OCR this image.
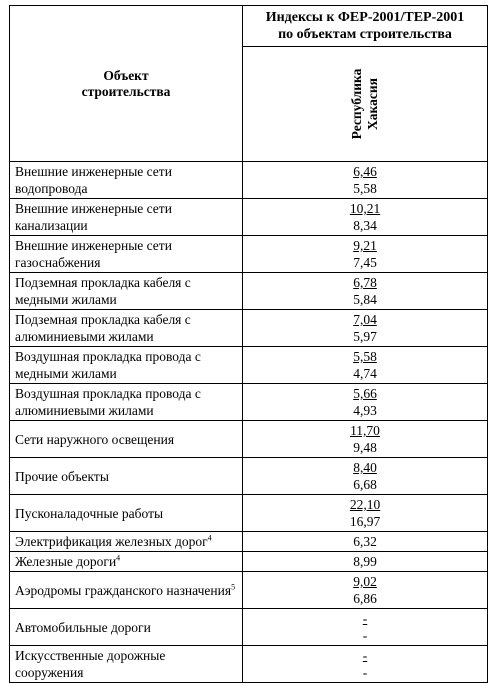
Объект
строительства	Индексы к ФЕР-2001/ТЕР-2001
по объектам строительства

	Республика
Хакасия

Внешние инженерные сети водопровода	6,46
5,58

Внешние инженерные сети канализации	10,21
8,34

Внешние инженерные сети газоснабжения	9,21
7,45

Подземная прокладка кабеля с медными жилами	6,78
5,84

Подземная прокладка кабеля с алюминиевыми жилами	7,04
5,97

Воздушная прокладка провода с медными жилами	5,58
4,74

Воздушная прокладка провода с алюминиевыми жилами	5,66
4,93

Сети наружного освещения	11,70
9,48

Прочие объекты	8,40
6,68

Пусконаладочные работы	22,10
16,97

Электрификация железных дорог$^4$	6,32
Железные дороги$^4$	8,99
Аэродромы гражданского назначения$^5$	9,02
6,86

Автомобильные дороги	-
-

Искусственные дорожные сооружения	-
-
